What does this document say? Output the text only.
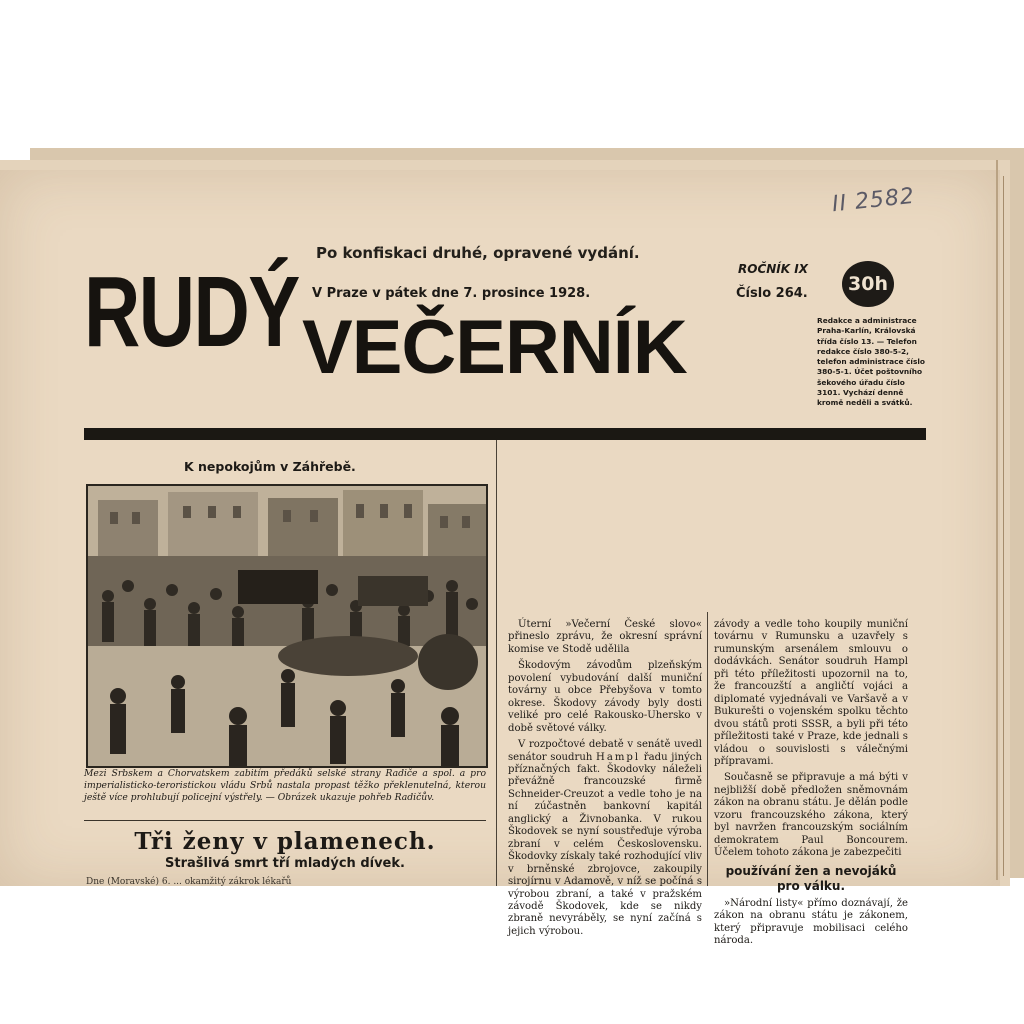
II 2582
Po konfiskaci druhé, opravené vydání.
V Praze v pátek dne 7. prosince 1928.
ROČNÍK IX
Číslo 264.	30h
RUDÝ VEČERNÍK	Redakce a administrace Praha-Karlín, Královská třída číslo 13. — Telefon redakce číslo 380-5-2, telefon administrace číslo 380-5-1. Účet poštovního šekového úřadu číslo 3101. Vychází denně kromě neděli a svátků.
K nepokojům v Záhřebě.
Mezi Srbskem a Chorvatskem zabitím předáků selské strany Radiče a spol. a pro imperialisticko-teroristickou vládu Srbů nastala propast těžko překlenutelná, kterou ještě více prohlubují policejní výstřely. — Obrázek ukazuje pohřeb Radičův.
Tři ženy v plamenech.
Strašlivá smrt tří mladých dívek.
Dne (Moravské) 6. ... okamžitý zákrok lékařů

Úterní »Večerní České slovo« přineslo zprávu, že okresní správní komise ve Stodě udělila

Škodovým závodům plzeňským povolení vybudování další muniční továrny u obce Přebyšova v tomto okrese. Škodovy závody byly dosti veliké pro celé Rakousko-Uhersko v době světové války.

V rozpočtové debatě v senátě uvedl senátor soudruh Hampl řadu jiných příznačných fakt. Škodovky náleželi převážně francouzské firmě Schneider-Creuzot a vedle toho je na ní zúčastněn bankovní kapitál anglický a Živnobanka. V rukou Škodovek se nyní soustřeďuje výroba zbraní v celém Československu. Škodovky získaly také rozhodující vliv v brněnské zbrojovce, zakoupily sirojírnu v Adamově, v níž se počíná s výrobou zbraní, a také v pražském závodě Škodovek, kde se nikdy zbraně nevyráběly, se nyní začíná s jejich výrobou.

závody a vedle toho koupily muniční továrnu v Rumunsku a uzavřely s rumunským arsenálem smlouvu o dodávkách. Senátor soudruh Hampl při této příležitosti upozornil na to, že francouzští a angličtí vojáci a diplomaté vyjednávali ve Varšavě a v Bukurešti o vojenském spolku těchto dvou států proti SSSR, a byli při této příležitosti také v Praze, kde jednali s vládou o souvislosti s válečnými přípravami.

Současně se připravuje a má býti v nejbližší době předložen sněmovnám zákon na obranu státu. Je dělán podle vzoru francouzského zákona, který byl navržen francouzským sociálním demokratem Paul Boncourem. Účelem tohoto zákona je zabezpečiti

používání žen a nevojáků pro válku.

»Národní listy« přímo doznávají, že zákon na obranu státu je zákonem, který připravuje mobilisaci celého národa.
